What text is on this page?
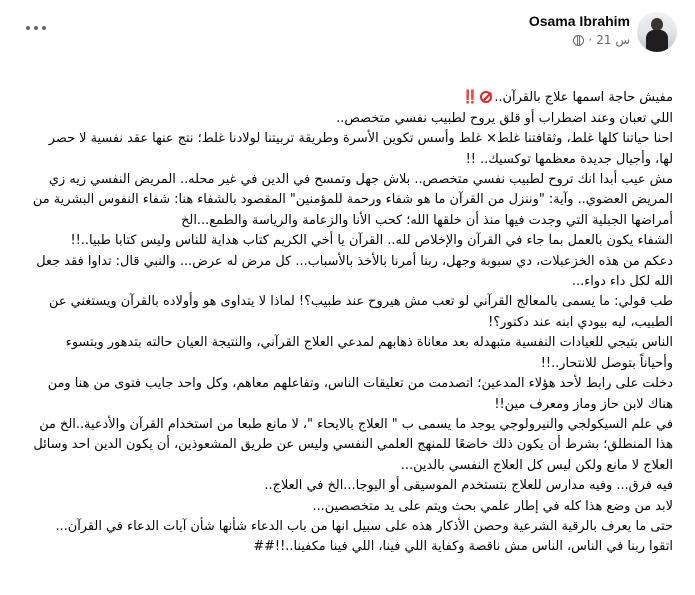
Osama Ibrahim
· 21 س

مفيش حاجة اسمها علاج بالقرآن..‼️
اللي تعبان وعند اضطراب أو قلق يروح لطبيب نفسي متخصص..
احنا حياتنا كلها غلط، وثقافتنا غلط× غلط وأسس تكوين الأسرة وطريقة تربيتنا لولادنا غلط؛ نتج عنها عقد نفسية لا حصر لها، وأجيال جديدة معظمها توكسيك.. !!
مش عيب أبدا انك تروح لطبيب نفسي متخصص.. بلاش جهل وتمسح في الدين في غير محله.. المريض النفسي زيه زي المريض العضوي.. وآية: "وننزل من القرآن ما هو شفاء ورحمة للمؤمنين" المقصود بالشفاء هنا: شفاء النفوس البشرية من أمراضها الجبلية التي وجدت فيها منذ أن خلقها الله؛ كحب الأنا والزعامة والرياسة والطمع...الخ
الشفاء يكون بالعمل بما جاء في القرآن والإخلاص لله.. القرآن يا أخي الكريم كتاب هداية للناس وليس كتابا طبيا..!!
دعكم من هذه الخزعبلات، دي سبوبة وجهل، ربنا أمرنا بالأخذ بالأسباب... كل مرض له عرض... والنبي قال: تداوا فقد جعل الله لكل داء دواء...
طب قولي: ما يسمى بالمعالج القرآني لو تعب مش هيروح عند طبيب؟! لماذا لا يتداوى هو وأولاده بالقرآن ويستغني عن الطبيب، ليه بيودي ابنه عند دكتور؟!
الناس بتيجي للعيادات النفسية متبهدله بعد معاناة ذهابهم لمدعي العلاج القرآني، والنتيجة العيان حالته بتدهور وبتسوء وأحياناً بتوصل للانتحار..!!
دخلت على رابط لأحد هؤلاء المدعين؛ اتصدمت من تعليقات الناس، وتفاعلهم معاهم، وكل واحد جايب فتوى من هنا ومن هناك لابن حاز وماز ومعرف مين!!
في علم السيكولجي والنيرولوجي يوجد ما يسمى ب " العلاج بالايحاء "، لا مانع طبعا من استخدام القرآن والأدعية..الخ من هذا المنطلق؛ بشرط أن يكون ذلك خاضعًا للمنهج العلمي النفسي وليس عن طريق المشعوذين، أن يكون الدين احد وسائل العلاج لا مانع ولكن ليس كل العلاج النفسي بالدين...
فيه فرق... وفيه مدارس للعلاج بتستخدم الموسيقى أو اليوجا...الخ في العلاج..
لابد من وضع هذا كله في إطار علمي بحث ويتم على يد متخصصين...
حتى ما يعرف بالرقية الشرعية وحصن الأذكار هذه على سبيل انها من باب الدعاء شأنها شأن آيات الدعاء في القرآن...
اتقوا ربنا في الناس، الناس مش ناقصة وكفاية اللي فينا، اللي فينا مكفينا..!!##
